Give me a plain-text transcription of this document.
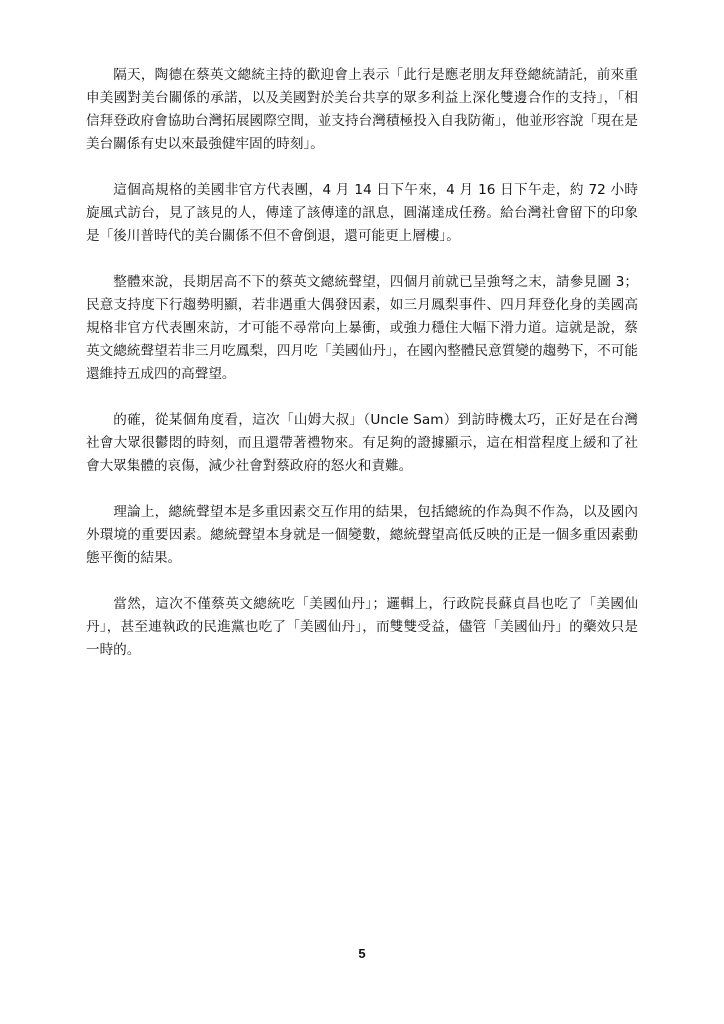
隔天，陶德在蔡英文總統主持的歡迎會上表示「此行是應老朋友拜登總統請託，前來重申美國對美台關係的承諾，以及美國對於美台共享的眾多利益上深化雙邊合作的支持」，「相信拜登政府會協助台灣拓展國際空間，並支持台灣積極投入自我防衛」，他並形容說「現在是美台關係有史以來最強健牢固的時刻」。

這個高規格的美國非官方代表團，4 月 14 日下午來，4 月 16 日下午走，約 72 小時旋風式訪台，見了該見的人，傳達了該傳達的訊息，圓滿達成任務。給台灣社會留下的印象是「後川普時代的美台關係不但不會倒退，還可能更上層樓」。

整體來說，長期居高不下的蔡英文總統聲望，四個月前就已呈強弩之末，請參見圖 3；民意支持度下行趨勢明顯，若非遇重大偶發因素，如三月鳳梨事件、四月拜登化身的美國高規格非官方代表團來訪，才可能不尋常向上暴衝，或強力穩住大幅下滑力道。這就是說，蔡英文總統聲望若非三月吃鳳梨，四月吃「美國仙丹」，在國內整體民意質變的趨勢下，不可能還維持五成四的高聲望。

的確，從某個角度看，這次「山姆大叔」（Uncle Sam）到訪時機太巧，正好是在台灣社會大眾很鬱悶的時刻，而且還帶著禮物來。有足夠的證據顯示，這在相當程度上緩和了社會大眾集體的哀傷，減少社會對蔡政府的怒火和責難。

理論上，總統聲望本是多重因素交互作用的結果，包括總統的作為與不作為，以及國內外環境的重要因素。總統聲望本身就是一個變數，總統聲望高低反映的正是一個多重因素動態平衡的結果。

當然，這次不僅蔡英文總統吃「美國仙丹」；邏輯上，行政院長蘇貞昌也吃了「美國仙丹」，甚至連執政的民進黨也吃了「美國仙丹」，而雙雙受益，儘管「美國仙丹」的藥效只是一時的。

5
